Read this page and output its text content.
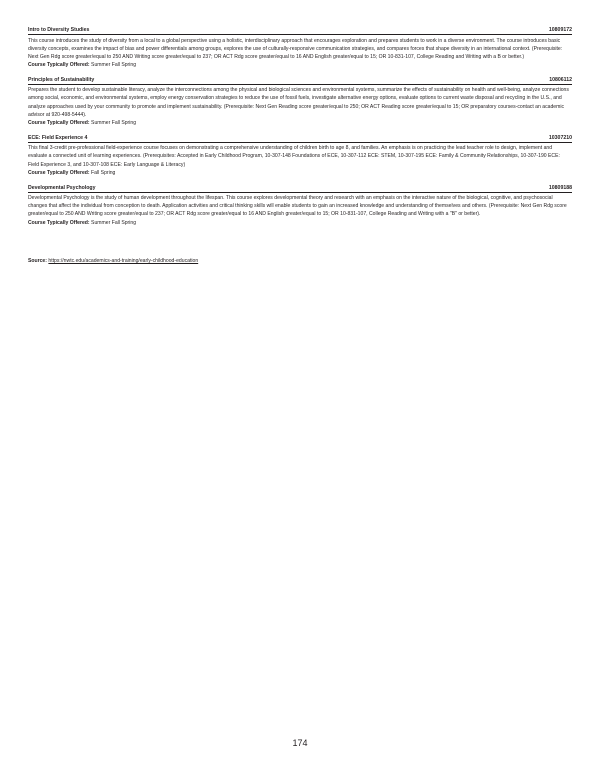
Intro to Diversity Studies	10809172

This course introduces the study of diversity from a local to a global perspective using a holistic, interdisciplinary approach that encourages exploration and prepares students to work in a diverse environment. The course introduces basic diversity concepts, examines the impact of bias and power differentials among groups, explores the use of culturally-responsive communication strategies, and compares forces that shape diversity in an international context. (Prerequisite: Next Gen Rdg score greater/equal to 250 AND Writing score greater/equal to 237; OR ACT Rdg score greater/equal to 16 AND English greater/equal to 15; OR 10-831-107, College Reading and Writing with a B or better.)

Course Typically Offered: Summer Fall Spring
Principles of Sustainability	10806112

Prepares the student to develop sustainable literacy, analyze the interconnections among the physical and biological sciences and environmental systems, summarize the effects of sustainability on health and well-being, analyze connections among social, economic, and environmental systems, employ energy conservation strategies to reduce the use of fossil fuels, investigate alternative energy options, evaluate options to current waste disposal and recycling in the U.S., and analyze approaches used by your community to promote and implement sustainability. (Prerequisite: Next Gen Reading score greater/equal to 250; OR ACT Reading score greater/equal to 15; OR preparatory courses-contact an academic advisor at 920-498-5444).

Course Typically Offered: Summer Fall Spring
ECE: Field Experience 4	10307210

This final 3-credit pre-professional field-experience course focuses on demonstrating a comprehensive understanding of children birth to age 8, and families. An emphasis is on practicing the lead teacher role to design, implement and evaluate a connected unit of learning experiences. (Prerequisites: Accepted in Early Childhood Program, 10-307-148 Foundations of ECE, 10-307-112 ECE: STEM, 10-307-195 ECE: Family & Community Relationships, 10-307-190 ECE: Field Experience 3, and 10-307-108 ECE: Early Language & Literacy)

Course Typically Offered: Fall Spring
Developmental Psychology	10809188

Developmental Psychology is the study of human development throughout the lifespan. This course explores developmental theory and research with an emphasis on the interactive nature of the biological, cognitive, and psychosocial changes that affect the individual from conception to death. Application activities and critical thinking skills will enable students to gain an increased knowledge and understanding of themselves and others. (Prerequisite: Next Gen Rdg score greater/equal to 250 AND Writing score greater/equal to 237; OR ACT Rdg score greater/equal to 16 AND English greater/equal to 15; OR 10-831-107, College Reading and Writing with a "B" or better).

Course Typically Offered: Summer Fall Spring
Source: https://nwtc.edu/academics-and-training/early-childhood-education
174
